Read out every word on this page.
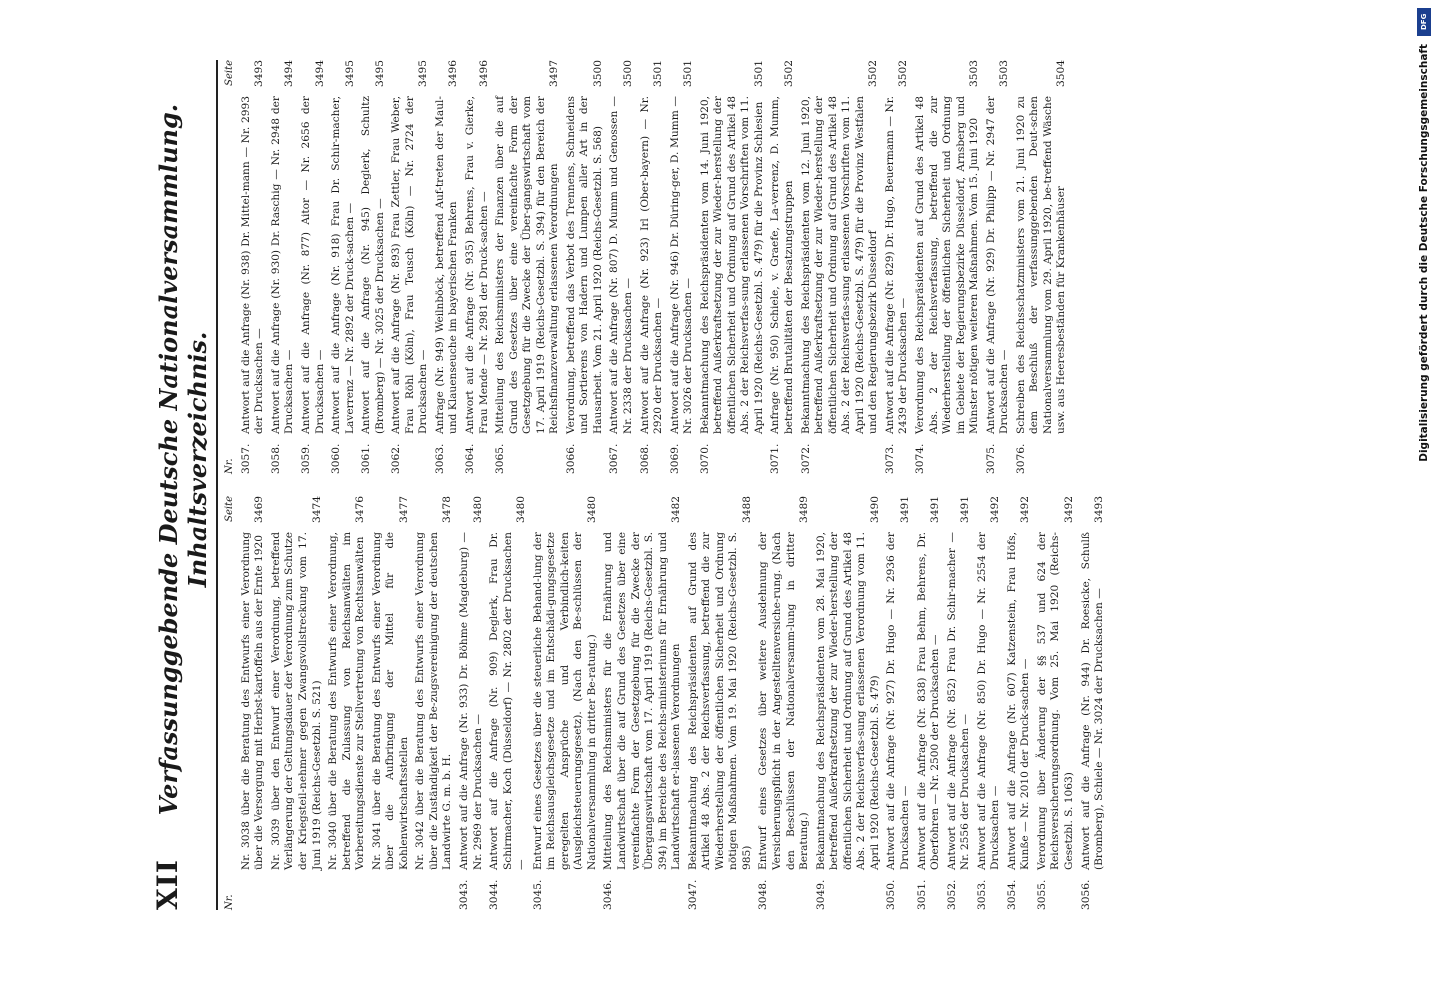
XII
Verfassunggebende Deutsche Nationalversammlung. Inhaltsverzeichnis.
Nr.
Seite
Nr. 3038 über die Beratung des Entwurfs einer Verordnung über die Versorgung mit Herbst-kartoffeln aus der Ernte 1920
3469
Nr. 3039 über den Entwurf einer Verordnung, betreffend Verlängerung der Geltungsdauer der Verordnung zum Schutze der Kriegsteil-nehmer gegen Zwangsvollstreckung vom 17. Juni 1919 (Reichs-Gesetzbl. S. 521)
3474
Nr. 3040 über die Beratung des Entwurfs einer Verordnung, betreffend die Zulassung von Reichsanwälten im Vorbereitungsdienste zur Stellvertretung von Rechtsanwälten
3476
Nr. 3041 über die Beratung des Entwurfs einer Verordnung über die Aufbringung der Mittel für die Kohlenwirtschaftsstellen
3477
Nr. 3042 über die Beratung des Entwurfs einer Verordnung über die Zuständigkeit der Be-zugsvereinigung der deutschen Landwirte G. m. b. H.
3478
3043.
Antwort auf die Anfrage (Nr. 933) Dr. Böhme (Magdeburg) — Nr. 2969 der Drucksachen —
3480
3044.
Antwort auf die Anfrage (Nr. 909) Deglerk, Frau Dr. Schirmacher, Koch (Düsseldorf) — Nr. 2802 der Drucksachen —
3480
3045.
Entwurf eines Gesetzes über die steuerliche Behand-lung der im Reichsausgleichsgesetze und im Entschädi-gungsgesetze geregelten Ansprüche und Verbindlich-keiten (Ausgleichsteuerungsgesetz). (Nach den Be-schlüssen der Nationalversammlung in dritter Be-ratung.)
3480
3046.
Mitteilung des Reichsministers für die Ernährung und Landwirtschaft über die auf Grund des Gesetzes über eine vereinfachte Form der Gesetzgebung für die Zwecke der Übergangswirtschaft vom 17. April 1919 (Reichs-Gesetzbl. S. 394) im Bereiche des Reichs-ministeriums für Ernährung und Landwirtschaft er-lassenen Verordnungen
3482
3047.
Bekanntmachung des Reichspräsidenten auf Grund des Artikel 48 Abs. 2 der Reichsverfassung, betreffend die zur Wiederherstellung der öffentlichen Sicherheit und Ordnung nötigen Maßnahmen. Vom 19. Mai 1920 (Reichs-Gesetzbl. S. 985)
3488
3048.
Entwurf eines Gesetzes über weitere Ausdehnung der Versicherungspflicht in der Angestelltenversiche-rung. (Nach den Beschlüssen der Nationalversamm-lung in dritter Beratung.)
3489
3049.
Bekanntmachung des Reichspräsidenten vom 28. Mai 1920, betreffend Außerkraftsetzung der zur Wieder-herstellung der öffentlichen Sicherheit und Ordnung auf Grund des Artikel 48 Abs. 2 der Reichsverfas-sung erlassenen Verordnung vom 11. April 1920 (Reichs-Gesetzbl. S. 479)
3490
3050.
Antwort auf die Anfrage (Nr. 927) Dr. Hugo — Nr. 2936 der Drucksachen —
3491
3051.
Antwort auf die Anfrage (Nr. 838) Frau Behm, Behrens, Dr. Oberfohren — Nr. 2500 der Drucksachen —
3491
3052.
Antwort auf die Anfrage (Nr. 852) Frau Dr. Schir-macher — Nr. 2556 der Drucksachen —
3491
3053.
Antwort auf die Anfrage (Nr. 850) Dr. Hugo — Nr. 2554 der Drucksachen —
3492
3054.
Antwort auf die Anfrage (Nr. 607) Katzenstein, Frau Höfs, Kunße — Nr. 2010 der Druck-sachen —
3492
3055.
Verordnung über Änderung der §§ 537 und 624 der Reichsversicherungsordnung. Vom 25. Mai 1920 (Reichs-Gesetzbl. S. 1063)
3492
3056.
Antwort auf die Anfrage (Nr. 944) Dr. Roesicke, Schulß (Bromberg), Schiele — Nr. 3024 der Drucksachen —
3493
Nr.
Seite
3057.
Antwort auf die Anfrage (Nr. 938) Dr. Mittel-mann — Nr. 2993 der Drucksachen —
3493
3058.
Antwort auf die Anfrage (Nr. 930) Dr. Raschig — Nr. 2948 der Drucksachen —
3494
3059.
Antwort auf die Anfrage (Nr. 877) Aitor — Nr. 2656 der Drucksachen —
3494
3060.
Antwort auf die Anfrage (Nr. 918) Frau Dr. Schir-macher, Laverrenz — Nr. 2892 der Druck-sachen —
3495
3061.
Antwort auf die Anfrage (Nr. 945) Deglerk, Schultz (Bromberg) — Nr. 3025 der Drucksachen —
3495
3062.
Antwort auf die Anfrage (Nr. 893) Frau Zettler, Frau Weber, Frau Röhl (Köln), Frau Teusch (Köln) — Nr. 2724 der Drucksachen —
3495
3063.
Anfrage (Nr. 949) Weilnböck, betreffend Auf-treten der Maul- und Klauenseuche im bayerischen Franken
3496
3064.
Antwort auf die Anfrage (Nr. 935) Behrens, Frau v. Gierke, Frau Mende — Nr. 2981 der Druck-sachen —
3496
3065.
Mitteilung des Reichsministers der Finanzen über die auf Grund des Gesetzes über eine vereinfachte Form der Gesetzgebung für die Zwecke der Über-gangswirtschaft vom 17. April 1919 (Reichs-Gesetzbl. S. 394) für den Bereich der Reichsfinanzverwaltung erlassenen Verordnungen
3497
3066.
Verordnung, betreffend das Verbot des Trennens, Schneidens und Sortierens von Hadern und Lumpen aller Art in der Hausarbeit. Vom 21. April 1920 (Reichs-Gesetzbl. S. 568)
3500
3067.
Antwort auf die Anfrage (Nr. 807) D. Mumm und Genossen — Nr. 2338 der Drucksachen —
3500
3068.
Antwort auf die Anfrage (Nr. 923) Irl (Ober-bayern) — Nr. 2920 der Drucksachen —
3501
3069.
Antwort auf die Anfrage (Nr. 946) Dr. Düring-ger, D. Mumm — Nr. 3026 der Drucksachen —
3501
3070.
Bekanntmachung des Reichspräsidenten vom 14. Juni 1920, betreffend Außerkraftsetzung der zur Wieder-herstellung der öffentlichen Sicherheit und Ordnung auf Grund des Artikel 48 Abs. 2 der Reichsverfas-sung erlassenen Vorschriften vom 11. April 1920 (Reichs-Gesetzbl. S. 479) für die Provinz Schlesien
3501
3071.
Anfrage (Nr. 950) Schiele, v. Graefe, La-verrenz, D. Mumm, betreffend Brutalitäten der Besatzungstruppen
3502
3072.
Bekanntmachung des Reichspräsidenten vom 12. Juni 1920, betreffend Außerkraftsetzung der zur Wieder-herstellung der öffentlichen Sicherheit und Ordnung auf Grund des Artikel 48 Abs. 2 der Reichsverfas-sung erlassenen Vorschriften vom 11. April 1920 (Reichs-Gesetzbl. S. 479) für die Provinz Westfalen und den Regierungsbezirk Düsseldorf
3502
3073.
Antwort auf die Anfrage (Nr. 829) Dr. Hugo, Beuermann — Nr. 2439 der Drucksachen —
3502
3074.
Verordnung des Reichspräsidenten auf Grund des Artikel 48 Abs. 2 der Reichsverfassung, betreffend die zur Wiederherstellung der öffentlichen Sicherheit und Ordnung im Gebiete der Regierungsbezirke Düsseldorf, Arnsberg und Münster nötigen weiteren Maßnahmen. Vom 15. Juni 1920
3503
3075.
Antwort auf die Anfrage (Nr. 929) Dr. Philipp — Nr. 2947 der Drucksachen —
3503
3076.
Schreiben des Reichsschatzministers vom 21. Juni 1920 zu dem Beschluß der verfassunggebenden Deut-schen Nationalversammlung vom 29. April 1920, be-treffend Wäsche usw. aus Heeresbeständen für Krankenhäuser
3504
DFG
Digitalisierung gefördert durch die Deutsche Forschungsgemeinschaft
